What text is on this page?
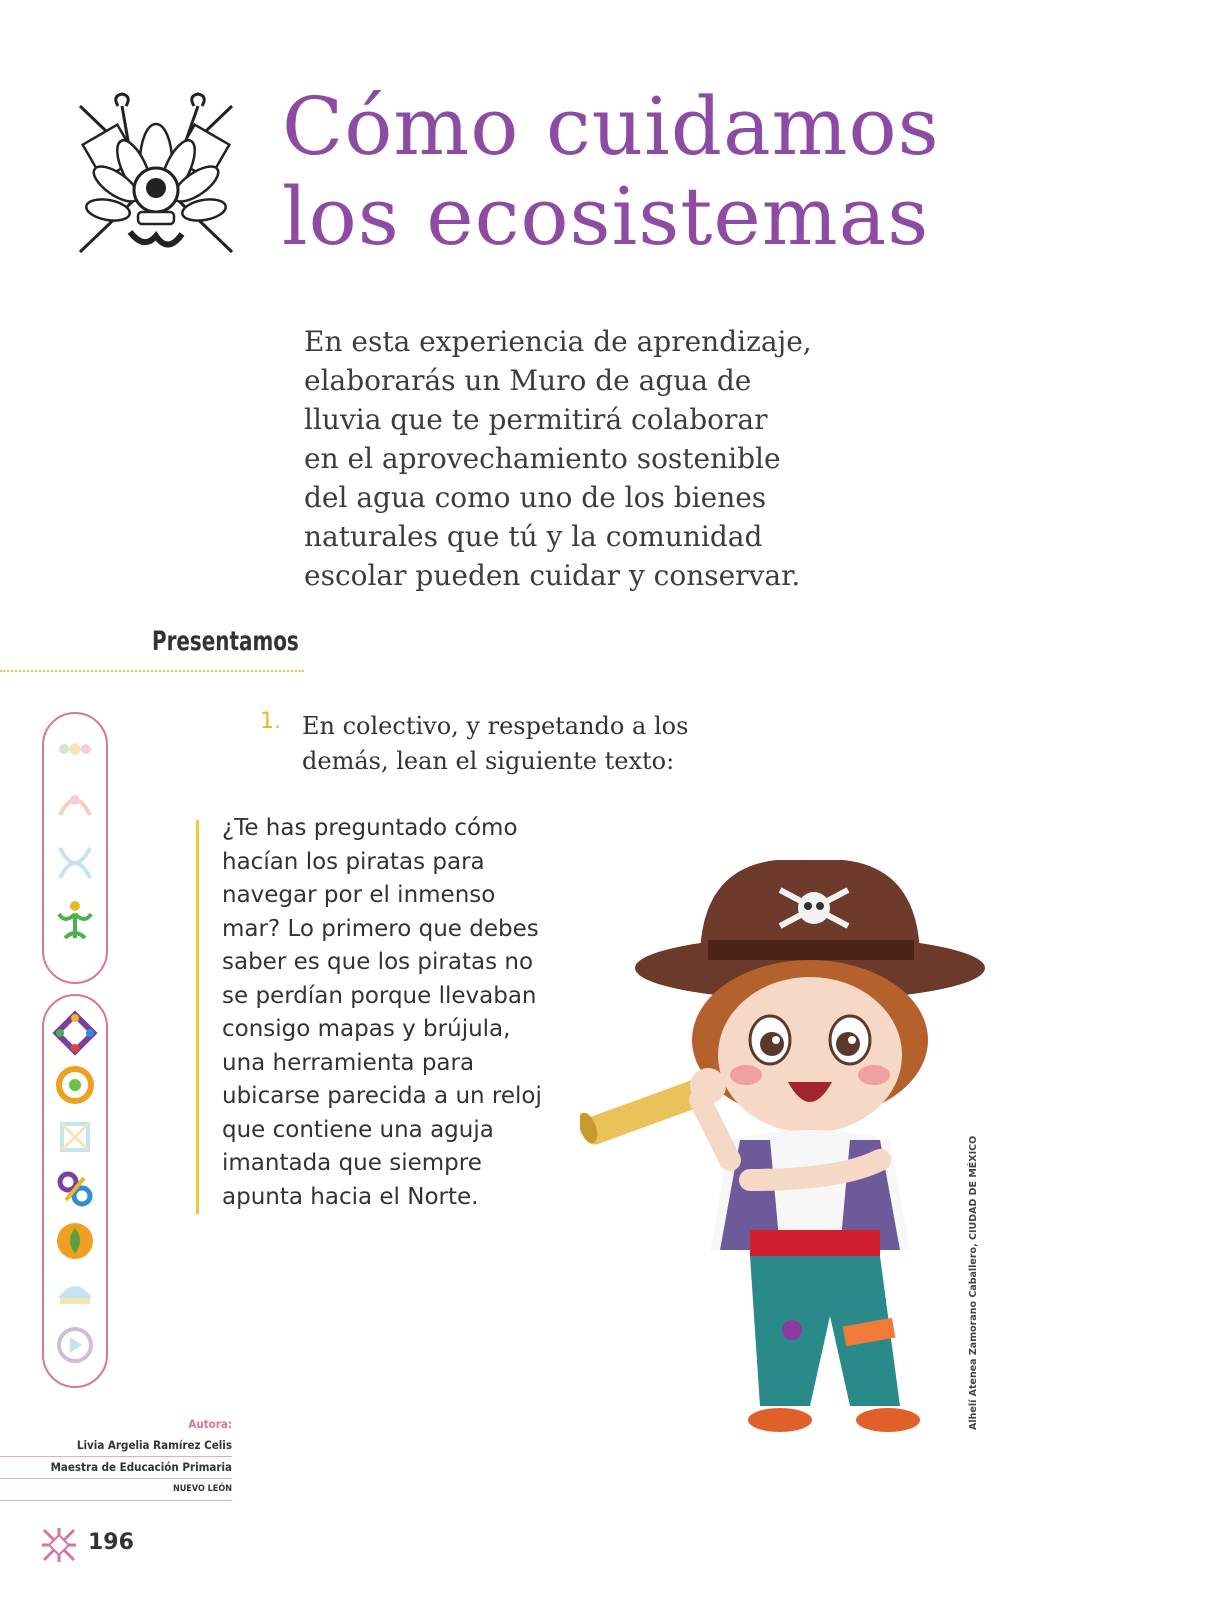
Cómo cuidamos
los ecosistemas

En esta experiencia de aprendizaje,
elaborarás un Muro de agua de
lluvia que te permitirá colaborar
en el aprovechamiento sostenible
del agua como uno de los bienes
naturales que tú y la comunidad
escolar pueden cuidar y conservar.

Presentamos
1. En colectivo, y respetando a los
demás, lean el siguiente texto:

¿Te has preguntado cómo
hacían los piratas para
navegar por el inmenso
mar? Lo primero que debes
saber es que los piratas no
se perdían porque llevaban
consigo mapas y brújula,
una herramienta para
ubicarse parecida a un reloj
que contiene una aguja
imantada que siempre
apunta hacia el Norte.	Alhelí Atenea Zamorano Caballero, CIUDAD DE MÉXICO
Autora:
Livia Argelia Ramírez Celis
Maestra de Educación Primaria
NUEVO LEÓN
196
